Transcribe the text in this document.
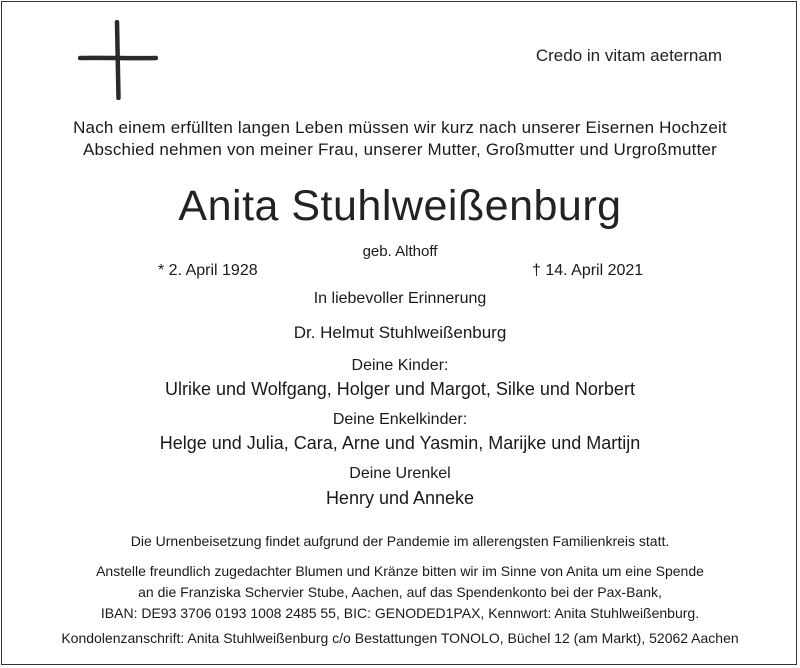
Credo in vitam aeternam
Nach einem erfüllten langen Leben müssen wir kurz nach unserer Eisernen Hochzeit
Abschied nehmen von meiner Frau, unserer Mutter, Großmutter und Urgroßmutter
Anita Stuhlweißenburg
geb. Althoff
* 2. April 1928	† 14. April 2021
In liebevoller Erinnerung
Dr. Helmut Stuhlweißenburg
Deine Kinder:
Ulrike und Wolfgang, Holger und Margot, Silke und Norbert
Deine Enkelkinder:
Helge und Julia, Cara, Arne und Yasmin, Marijke und Martijn
Deine Urenkel
Henry und Anneke
Die Urnenbeisetzung findet aufgrund der Pandemie im allerengsten Familienkreis statt.
Anstelle freundlich zugedachter Blumen und Kränze bitten wir im Sinne von Anita um eine Spende
an die Franziska Schervier Stube, Aachen, auf das Spendenkonto bei der Pax-Bank,
IBAN: DE93 3706 0193 1008 2485 55, BIC: GENODED1PAX, Kennwort: Anita Stuhlweißenburg.
Kondolenzanschrift: Anita Stuhlweißenburg c/o Bestattungen TONOLO, Büchel 12 (am Markt), 52062 Aachen
